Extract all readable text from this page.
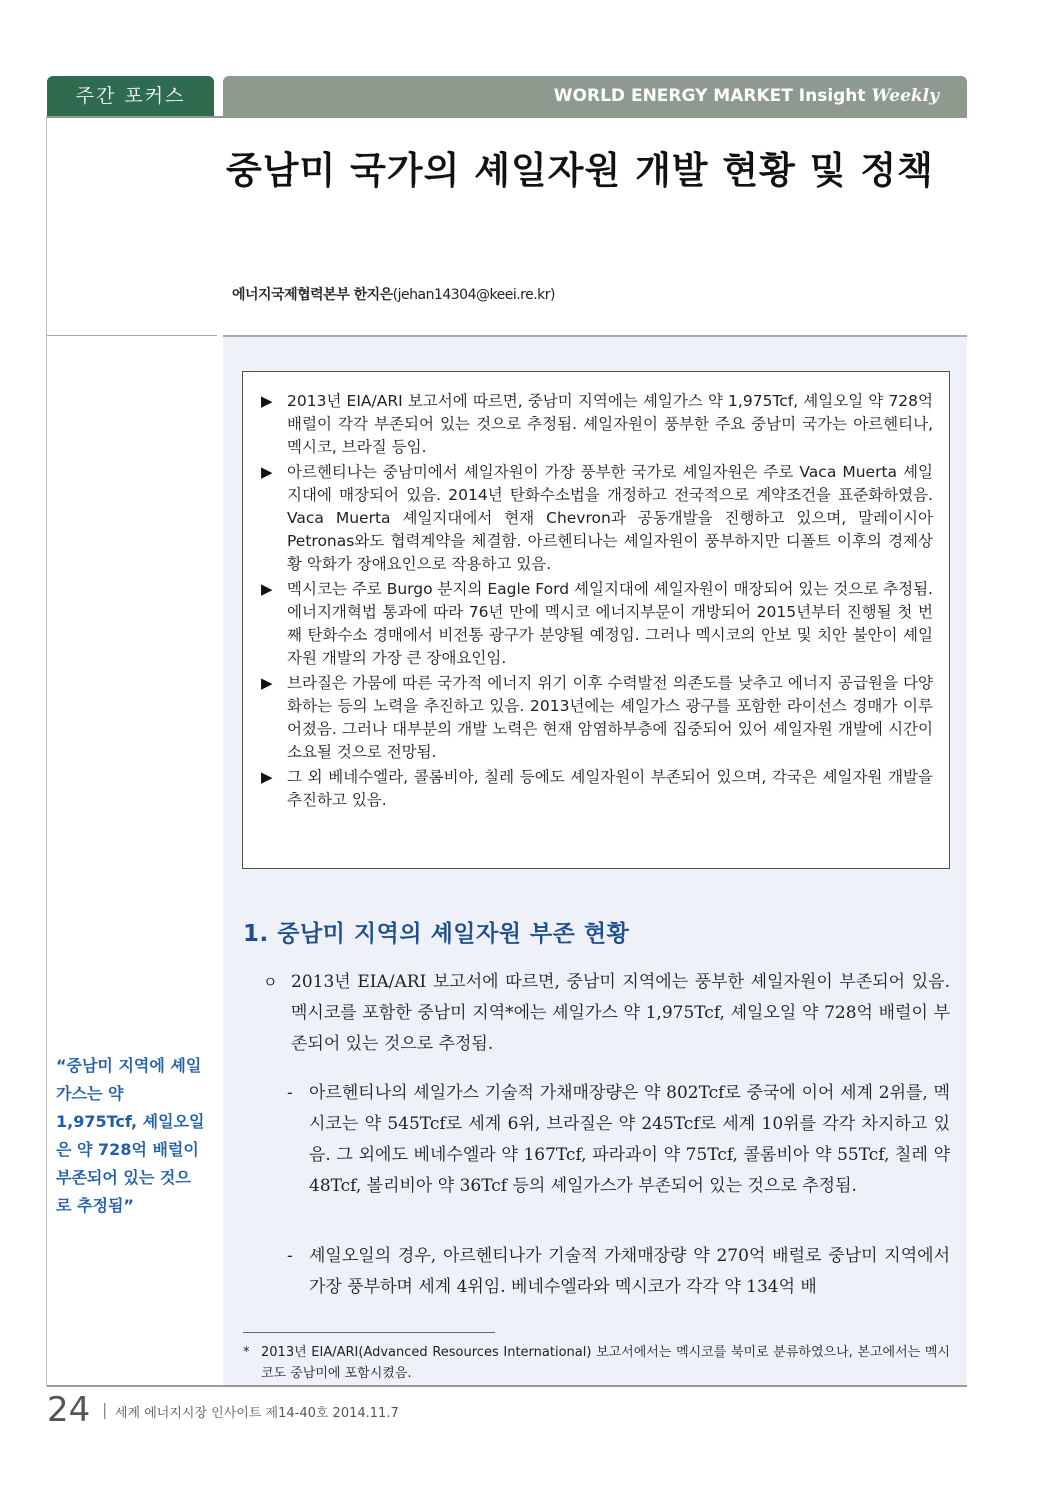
주간 포커스	WORLD ENERGY MARKET Insight Weekly
중남미 국가의 셰일자원 개발 현황 및 정책
에너지국제협력본부 한지은(jehan14304@keei.re.kr)
▶ 2013년 EIA/ARI 보고서에 따르면, 중남미 지역에는 셰일가스 약 1,975Tcf, 셰일오일 약 728억 배럴이 각각 부존되어 있는 것으로 추정됨. 셰일자원이 풍부한 주요 중남미 국가는 아르헨티나, 멕시코, 브라질 등임.
▶ 아르헨티나는 중남미에서 셰일자원이 가장 풍부한 국가로 셰일자원은 주로 Vaca Muerta 셰일지대에 매장되어 있음. 2014년 탄화수소법을 개정하고 전국적으로 계약조건을 표준화하였음. Vaca Muerta 셰일지대에서 현재 Chevron과 공동개발을 진행하고 있으며, 말레이시아 Petronas와도 협력계약을 체결함. 아르헨티나는 셰일자원이 풍부하지만 디폴트 이후의 경제상황 악화가 장애요인으로 작용하고 있음.
▶ 멕시코는 주로 Burgo 분지의 Eagle Ford 셰일지대에 셰일자원이 매장되어 있는 것으로 추정됨. 에너지개혁법 통과에 따라 76년 만에 멕시코 에너지부문이 개방되어 2015년부터 진행될 첫 번째 탄화수소 경매에서 비전통 광구가 분양될 예정임. 그러나 멕시코의 안보 및 치안 불안이 셰일자원 개발의 가장 큰 장애요인임.
▶ 브라질은 가뭄에 따른 국가적 에너지 위기 이후 수력발전 의존도를 낮추고 에너지 공급원을 다양화하는 등의 노력을 추진하고 있음. 2013년에는 셰일가스 광구를 포함한 라이선스 경매가 이루어졌음. 그러나 대부분의 개발 노력은 현재 암염하부층에 집중되어 있어 셰일자원 개발에 시간이 소요될 것으로 전망됨.
▶ 그 외 베네수엘라, 콜롬비아, 칠레 등에도 셰일자원이 부존되어 있으며, 각국은 셰일자원 개발을 추진하고 있음.
1. 중남미 지역의 셰일자원 부존 현황
ㅇ 2013년 EIA/ARI 보고서에 따르면, 중남미 지역에는 풍부한 셰일자원이 부존되어 있음. 멕시코를 포함한 중남미 지역*에는 셰일가스 약 1,975Tcf, 셰일오일 약 728억 배럴이 부존되어 있는 것으로 추정됨.
- 아르헨티나의 셰일가스 기술적 가채매장량은 약 802Tcf로 중국에 이어 세계 2위를, 멕시코는 약 545Tcf로 세계 6위, 브라질은 약 245Tcf로 세계 10위를 각각 차지하고 있음. 그 외에도 베네수엘라 약 167Tcf, 파라과이 약 75Tcf, 콜롬비아 약 55Tcf, 칠레 약 48Tcf, 볼리비아 약 36Tcf 등의 셰일가스가 부존되어 있는 것으로 추정됨.
- 셰일오일의 경우, 아르헨티나가 기술적 가채매장량 약 270억 배럴로 중남미 지역에서 가장 풍부하며 세계 4위임. 베네수엘라와 멕시코가 각각 약 134억 배
* 2013년 EIA/ARI(Advanced Resources International) 보고서에서는 멕시코를 북미로 분류하였으나, 본고에서는 멕시코도 중남미에 포함시켰음.
“중남미 지역에 셰일가스는 약 1,975Tcf, 셰일오일은 약 728억 배럴이 부존되어 있는 것으로 추정됨”
24 | 세계 에너지시장 인사이트 제14-40호 2014.11.7
